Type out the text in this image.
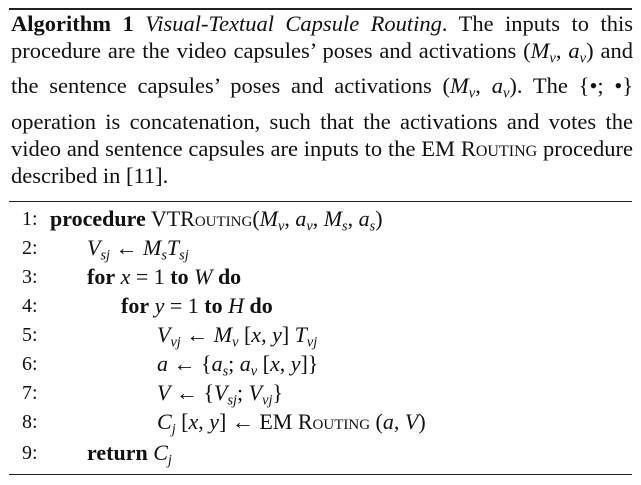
Algorithm 1 Visual-Textual Capsule Routing. The inputs to this procedure are the video capsules’ poses and activations ($M_v$, $a_v$) and the sentence capsules’ poses and activations ($M_v$, $a_v$). The {•; •} operation is concatenation, such that the activations and votes the video and sentence capsules are inputs to the EM Routing procedure described in [11].
1: procedure $VTRouting(M_v$, $a_v$, $M_s$, $a_s$)
2: $V_{sj}$ ← $M_sT_{sj}$
3: for x = 1 to W do
4:	for y = 1 to H do
5:	$V_{vj}$ ← $M_v$ [x, y] $T_{vj}$
6:	a ← {$a_s$; $a_v$ [x, y]}
7:	V ← {$V_{sj}$; $V_{vj}$}
8:	$C_j$ [x, y] ← EM Routing (a, V)
9: return $C_j$
